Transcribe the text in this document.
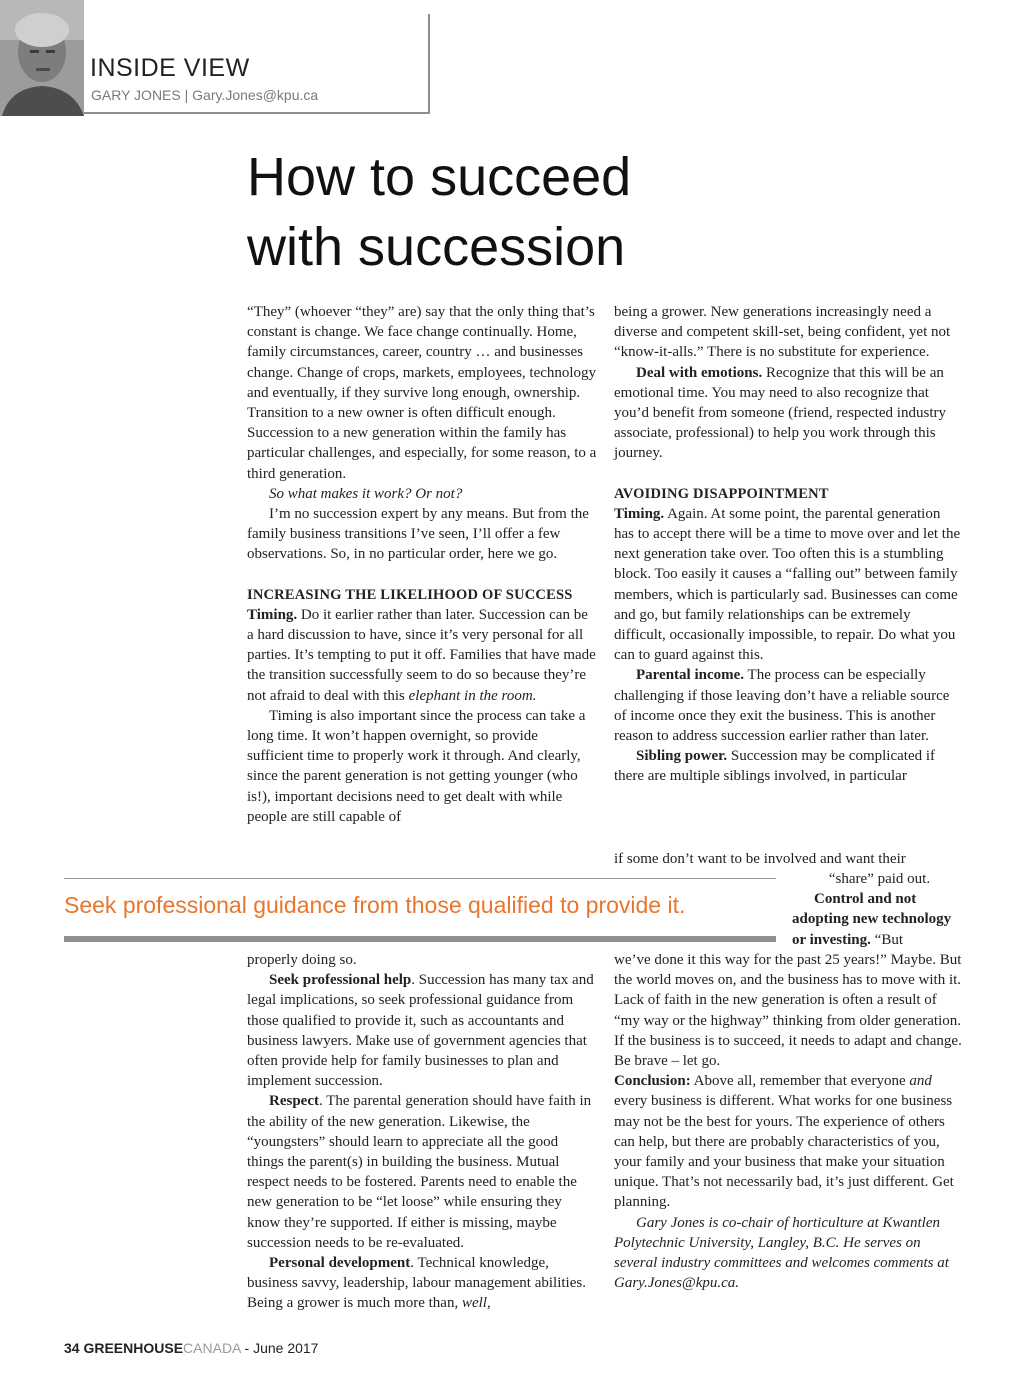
INSIDE VIEW
GARY JONES | Gary.Jones@kpu.ca
How to succeed
with succession

“They” (whoever “they” are) say that the only thing that’s constant is change. We face change continually. Home, family circumstances, career, country … and businesses change. Change of crops, markets, employees, technology and eventually, if they survive long enough, ownership. Transition to a new owner is often difficult enough. Succession to a new generation within the family has particular challenges, and especially, for some reason, to a third generation.

So what makes it work? Or not?

I’m no succession expert by any means. But from the family business transitions I’ve seen, I’ll offer a few observations. So, in no particular order, here we go.

INCREASING THE LIKELIHOOD OF SUCCESS

Timing. Do it earlier rather than later. Succession can be a hard discussion to have, since it’s very personal for all parties. It’s tempting to put it off. Families that have made the transition successfully seem to do so because they’re not afraid to deal with this elephant in the room.

Timing is also important since the process can take a long time. It won’t happen overnight, so provide sufficient time to properly work it through. And clearly, since the parent generation is not getting younger (who is!), important decisions need to get dealt with while people are still capable of

being a grower. New generations increasingly need a diverse and competent skill-set, being confident, yet not “know-it-alls.” There is no substitute for experience.

Deal with emotions. Recognize that this will be an emotional time. You may need to also recognize that you’d benefit from someone (friend, respected industry associate, professional) to help you work through this journey.

AVOIDING DISAPPOINTMENT

Timing. Again. At some point, the parental generation has to accept there will be a time to move over and let the next generation take over. Too often this is a stumbling block. Too easily it causes a “falling out” between family members, which is particularly sad. Businesses can come and go, but family relationships can be extremely difficult, occasionally impossible, to repair. Do what you can to guard against this.

Parental income. The process can be especially challenging if those leaving don’t have a reliable source of income once they exit the business. This is another reason to address succession earlier rather than later.

Sibling power. Succession may be complicated if there are multiple siblings involved, in particular

if some don’t want to be involved and want their

“share” paid out.

Control and not adopting new technology or investing. “But

Seek professional guidance from those qualified to provide it.

properly doing so.

Seek professional help. Succession has many tax and legal implications, so seek professional guidance from those qualified to provide it, such as accountants and business lawyers. Make use of government agencies that often provide help for family businesses to plan and implement succession.

Respect. The parental generation should have faith in the ability of the new generation. Likewise, the “youngsters” should learn to appreciate all the good things the parent(s) in building the business. Mutual respect needs to be fostered. Parents need to enable the new generation to be “let loose” while ensuring they know they’re supported. If either is missing, maybe succession needs to be re-evaluated.

Personal development. Technical knowledge, business savvy, leadership, labour management abilities. Being a grower is much more than, well,

we’ve done it this way for the past 25 years!” Maybe. But the world moves on, and the business has to move with it. Lack of faith in the new generation is often a result of “my way or the highway” thinking from older generation. If the business is to succeed, it needs to adapt and change. Be brave – let go.

Conclusion: Above all, remember that everyone and every business is different. What works for one business may not be the best for yours. The experience of others can help, but there are probably characteristics of you, your family and your business that make your situation unique. That’s not necessarily bad, it’s just different. Get planning.

Gary Jones is co-chair of horticulture at Kwantlen Polytechnic University, Langley, B.C. He serves on several industry committees and welcomes comments at Gary.Jones@kpu.ca.

34 GREENHOUSECANADA - June 2017
